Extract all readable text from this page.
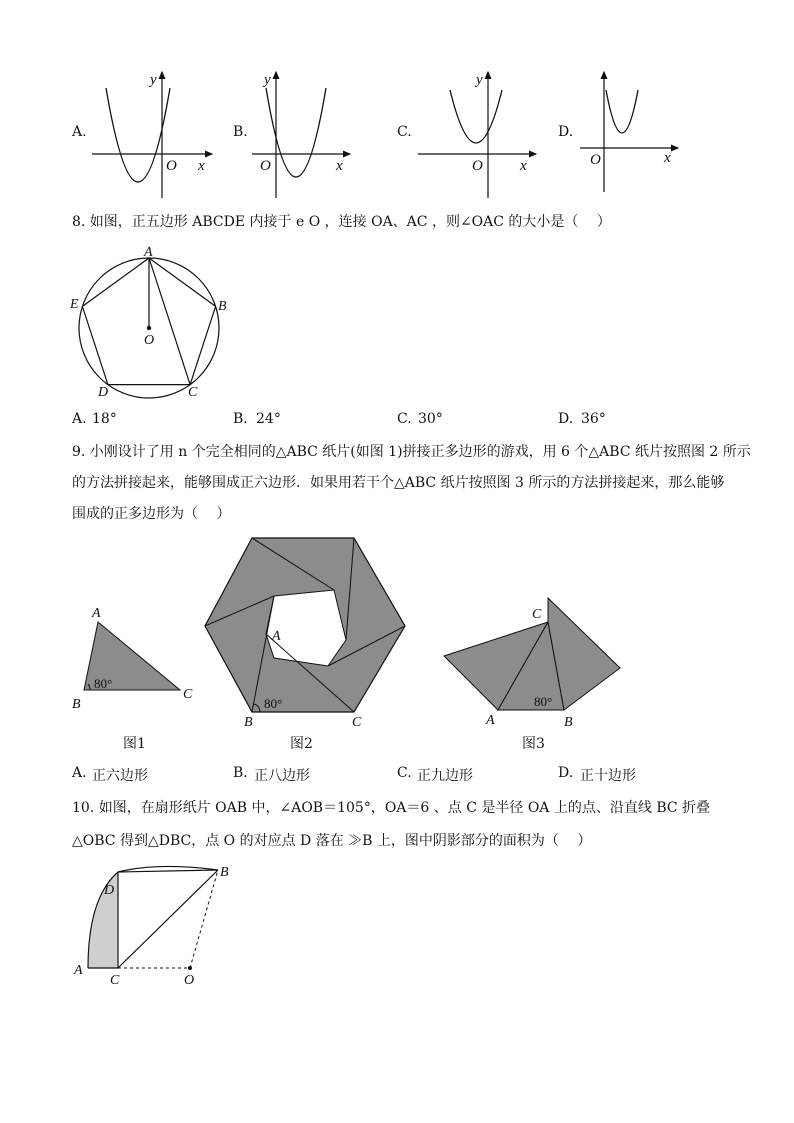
A.	B.	C.	D.
y
x
O
y
x
O
y
x
O	O	x
8. 如图，正五边形 ABCDE 内接于 e O ，连接 OA、AC ，则∠OAC 的大小是（　 ）
A
B
C
D
E
O
A. 18°	B. 24°	C. 30°	D. 36°
9. 小刚设计了用 n 个完全相同的△ABC 纸片(如图 1)拼接正多边形的游戏，用 6 个△ABC 纸片按照图 2 所示
的方法拼接起来，能够围成正六边形．如果用若干个△ABC 纸片按照图 3 所示的方法拼接起来，那么能够
围成的正多边形为（　 ）
A
B
C
80°
图1
A
B	C
80°
图2
C
A	B
80°
图3
A. 正六边形	B. 正八边形	C. 正九边形	D. 正十边形
10. 如图，在扇形纸片 OAB 中，∠AOB＝105°，OA＝6 、点 C 是半径 OA 上的点、沿直线 BC 折叠
△OBC 得到△DBC，点 O 的对应点 D 落在 ≫B 上，图中阴影部分的面积为（　 ）
D
B
A
C	O
